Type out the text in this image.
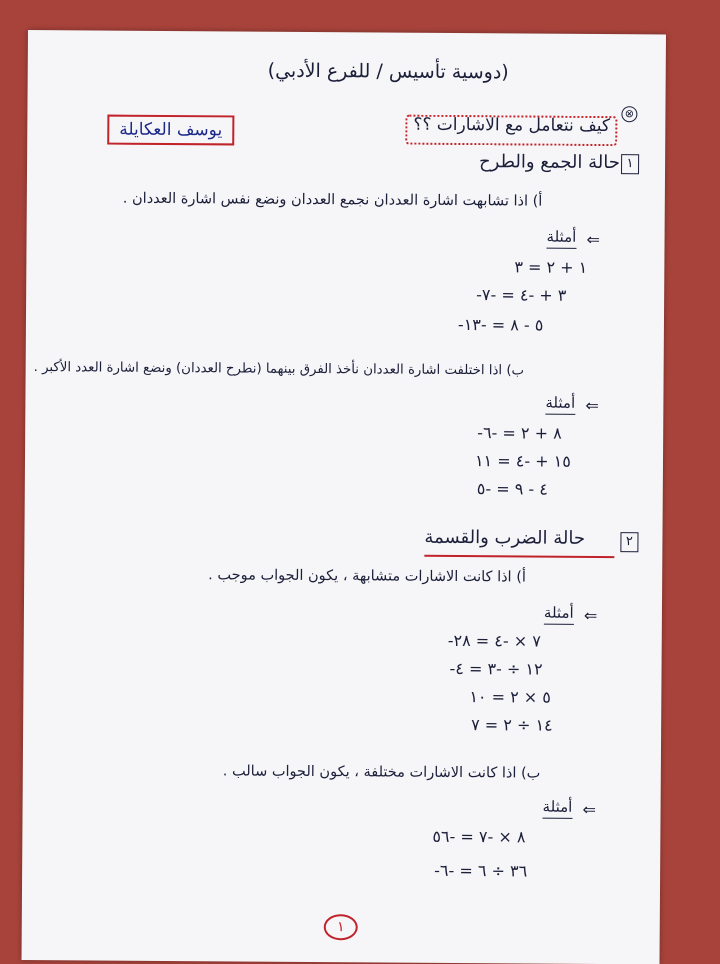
(دوسية تأسيس / للفرع الأدبي)
يوسف العكايلة	كيف نتعامل مع الاشارات ؟؟
⊗
١
حالة الجمع والطرح
أ) اذا تشابهت اشارة العددان نجمع العددان ونضع نفس اشارة العددان .
⇐
أمثلة
١ + ٢ = ٣
-٣ + -٤ = -٧
-٥ - ٨ = -١٣
ب) اذا اختلفت اشارة العددان نأخذ الفرق بينهما (نطرح العددان) ونضع اشارة العدد الأكبر .
⇐
أمثلة
-٨ + ٢ = -٦
١٥ + -٤ = ١١
٤ - ٩ = -٥
٢
حالة الضرب والقسمة
أ) اذا كانت الاشارات متشابهة ، يكون الجواب موجب .
⇐
أمثلة
-٧ × -٤ = ٢٨
-١٢ ÷ -٣ = ٤
٥ × ٢ = ١٠
١٤ ÷ ٢ = ٧
ب) اذا كانت الاشارات مختلفة ، يكون الجواب سالب .
⇐
أمثلة
٨ × -٧ = -٥٦
-٣٦ ÷ ٦ = -٦
١
